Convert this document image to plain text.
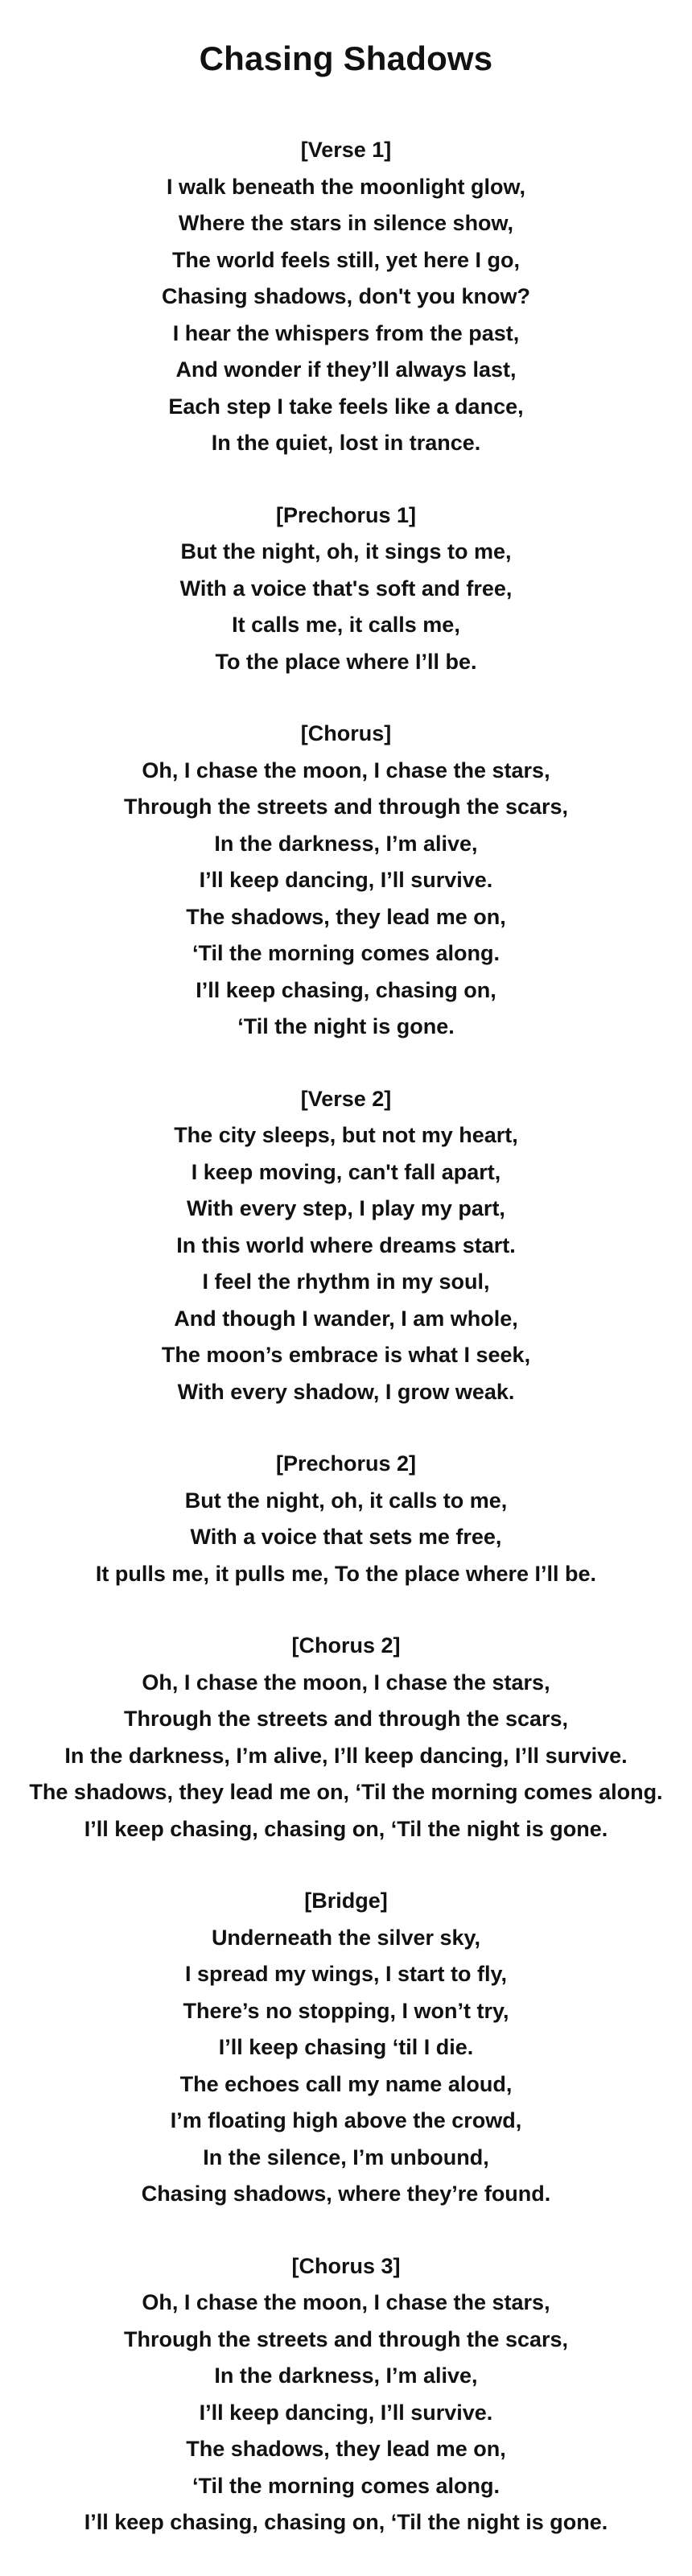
Chasing Shadows
[Verse 1]
I walk beneath the moonlight glow,
Where the stars in silence show,
The world feels still, yet here I go,
Chasing shadows, don't you know?
I hear the whispers from the past,
And wonder if they’ll always last,
Each step I take feels like a dance,
In the quiet, lost in trance.
[Prechorus 1]
But the night, oh, it sings to me,
With a voice that's soft and free,
It calls me, it calls me,
To the place where I’ll be.
[Chorus]
Oh, I chase the moon, I chase the stars,
Through the streets and through the scars,
In the darkness, I’m alive,
I’ll keep dancing, I’ll survive.
The shadows, they lead me on,
‘Til the morning comes along.
I’ll keep chasing, chasing on,
‘Til the night is gone.
[Verse 2]
The city sleeps, but not my heart,
I keep moving, can't fall apart,
With every step, I play my part,
In this world where dreams start.
I feel the rhythm in my soul,
And though I wander, I am whole,
The moon’s embrace is what I seek,
With every shadow, I grow weak.
[Prechorus 2]
But the night, oh, it calls to me,
With a voice that sets me free,
It pulls me, it pulls me, To the place where I’ll be.
[Chorus 2]
Oh, I chase the moon, I chase the stars,
Through the streets and through the scars,
In the darkness, I’m alive, I’ll keep dancing, I’ll survive.
The shadows, they lead me on, ‘Til the morning comes along.
I’ll keep chasing, chasing on, ‘Til the night is gone.
[Bridge]
Underneath the silver sky,
I spread my wings, I start to fly,
There’s no stopping, I won’t try,
I’ll keep chasing ‘til I die.
The echoes call my name aloud,
I’m floating high above the crowd,
In the silence, I’m unbound,
Chasing shadows, where they’re found.
[Chorus 3]
Oh, I chase the moon, I chase the stars,
Through the streets and through the scars,
In the darkness, I’m alive,
I’ll keep dancing, I’ll survive.
The shadows, they lead me on,
‘Til the morning comes along.
I’ll keep chasing, chasing on, ‘Til the night is gone.
